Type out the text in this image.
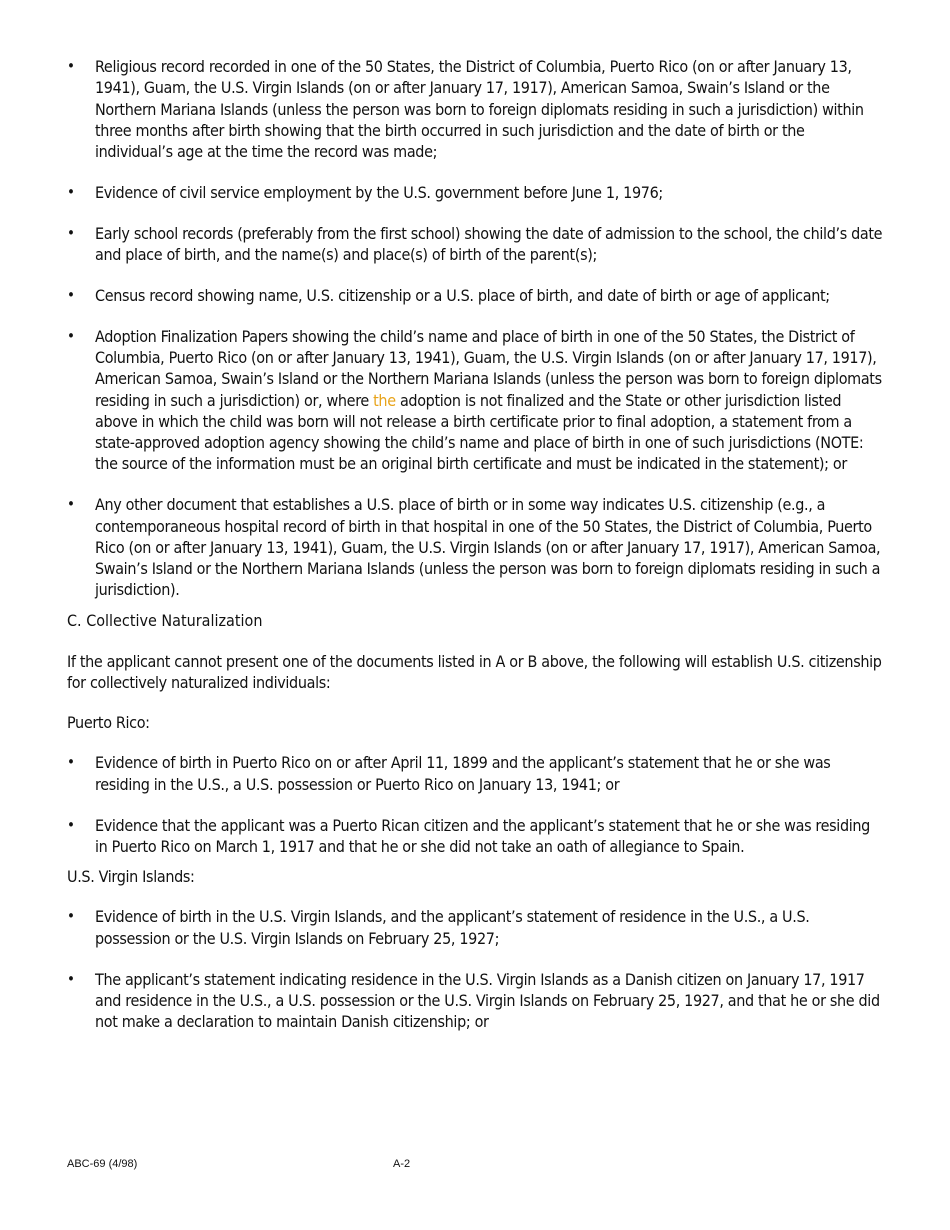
•	Religious record recorded in one of the 50 States, the District of Columbia, Puerto Rico (on or after January 13, 1941), Guam, the U.S. Virgin Islands (on or after January 17, 1917), American Samoa, Swain’s Island or the Northern Mariana Islands (unless the person was born to foreign diplomats residing in such a jurisdiction) within three months after birth showing that the birth occurred in such jurisdiction and the date of birth or the individual’s age at the time the record was made;
•	Evidence of civil service employment by the U.S. government before June 1, 1976;
•	Early school records (preferably from the first school) showing the date of admission to the school, the child’s date and place of birth, and the name(s) and place(s) of birth of the parent(s);
•	Census record showing name, U.S. citizenship or a U.S. place of birth, and date of birth or age of applicant;
•	Adoption Finalization Papers showing the child’s name and place of birth in one of the 50 States, the District of Columbia, Puerto Rico (on or after January 13, 1941), Guam, the U.S. Virgin Islands (on or after January 17, 1917), American Samoa, Swain’s Island or the Northern Mariana Islands (unless the person was born to foreign diplomats residing in such a jurisdiction) or, where the adoption is not finalized and the State or other jurisdiction listed above in which the child was born will not release a birth certificate prior to final adoption, a statement from a state-approved adoption agency showing the child’s name and place of birth in one of such jurisdictions (NOTE: the source of the information must be an original birth certificate and must be indicated in the statement); or
•	Any other document that establishes a U.S. place of birth or in some way indicates U.S. citizenship (e.g., a contemporaneous hospital record of birth in that hospital in one of the 50 States, the District of Columbia, Puerto Rico (on or after January 13, 1941), Guam, the U.S. Virgin Islands (on or after January 17, 1917), American Samoa, Swain’s Island or the Northern Mariana Islands (unless the person was born to foreign diplomats residing in such a jurisdiction).
C. Collective Naturalization
If the applicant cannot present one of the documents listed in A or B above, the following will establish U.S. citizenship for collectively naturalized individuals:
Puerto Rico:
•	Evidence of birth in Puerto Rico on or after April 11, 1899 and the applicant’s statement that he or she was residing in the U.S., a U.S. possession or Puerto Rico on January 13, 1941; or
•	Evidence that the applicant was a Puerto Rican citizen and the applicant’s statement that he or she was residing in Puerto Rico on March 1, 1917 and that he or she did not take an oath of allegiance to Spain.
U.S. Virgin Islands:
•	Evidence of birth in the U.S. Virgin Islands, and the applicant’s statement of residence in the U.S., a U.S. possession or the U.S. Virgin Islands on February 25, 1927;
•	The applicant’s statement indicating residence in the U.S. Virgin Islands as a Danish citizen on January 17, 1917 and residence in the U.S., a U.S. possession or the U.S. Virgin Islands on February 25, 1927, and that he or she did not make a declaration to maintain Danish citizenship; or
ABC-69 (4/98)	A-2
